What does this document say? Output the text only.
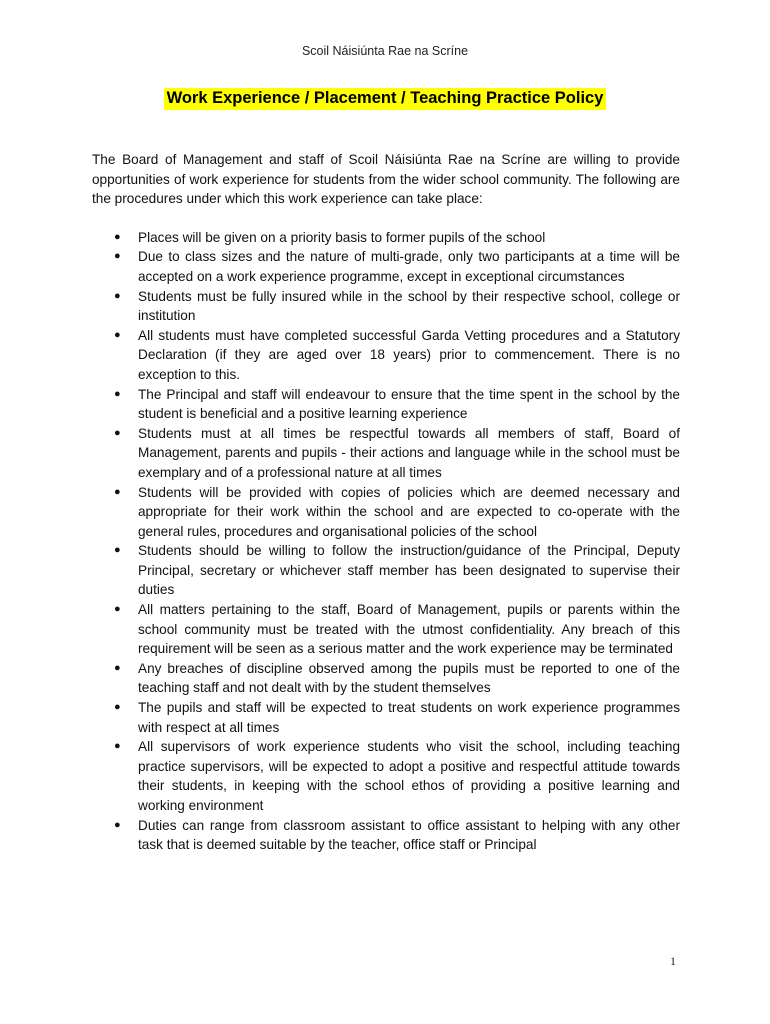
Scoil Náisiúnta Rae na Scríne
Work Experience / Placement / Teaching Practice Policy

The Board of Management and staff of Scoil Náisiúnta Rae na Scríne are willing to provide opportunities of work experience for students from the wider school community. The following are the procedures under which this work experience can take place:

● Places will be given on a priority basis to former pupils of the school
● Due to class sizes and the nature of multi-grade, only two participants at a time will be accepted on a work experience programme, except in exceptional circumstances
● Students must be fully insured while in the school by their respective school, college or institution
● All students must have completed successful Garda Vetting procedures and a Statutory Declaration (if they are aged over 18 years) prior to commencement. There is no exception to this.
● The Principal and staff will endeavour to ensure that the time spent in the school by the student is beneficial and a positive learning experience
● Students must at all times be respectful towards all members of staff, Board of Management, parents and pupils - their actions and language while in the school must be exemplary and of a professional nature at all times
● Students will be provided with copies of policies which are deemed necessary and appropriate for their work within the school and are expected to co-operate with the general rules, procedures and organisational policies of the school
● Students should be willing to follow the instruction/guidance of the Principal, Deputy Principal, secretary or whichever staff member has been designated to supervise their duties
● All matters pertaining to the staff, Board of Management, pupils or parents within the school community must be treated with the utmost confidentiality. Any breach of this requirement will be seen as a serious matter and the work experience may be terminated
● Any breaches of discipline observed among the pupils must be reported to one of the teaching staff and not dealt with by the student themselves
● The pupils and staff will be expected to treat students on work experience programmes with respect at all times
● All supervisors of work experience students who visit the school, including teaching practice supervisors, will be expected to adopt a positive and respectful attitude towards their students, in keeping with the school ethos of providing a positive learning and working environment
● Duties can range from classroom assistant to office assistant to helping with any other task that is deemed suitable by the teacher, office staff or Principal
1
